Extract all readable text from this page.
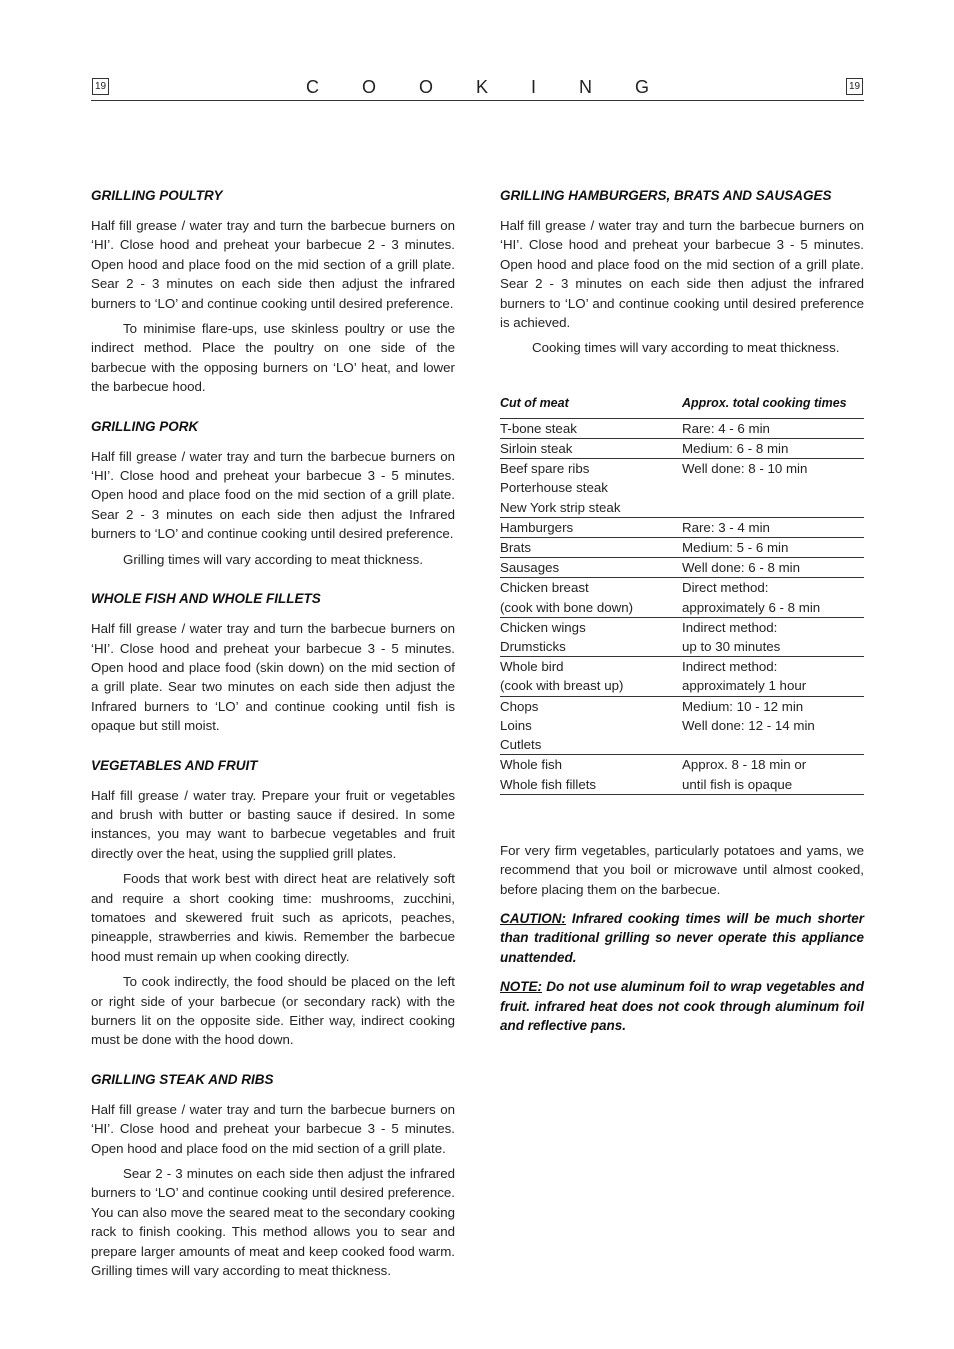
19	C O O K I N G	19
GRILLING POULTRY

Half fill grease / water tray and turn the barbecue burners on ‘HI’. Close hood and preheat your barbecue 2 - 3 minutes. Open hood and place food on the mid section of a grill plate. Sear 2 - 3 minutes on each side then adjust the infrared burners to ‘LO’ and continue cooking until desired preference.

To minimise flare-ups, use skinless poultry or use the indirect method. Place the poultry on one side of the barbecue with the opposing burners on ‘LO’ heat, and lower the barbecue hood.

GRILLING PORK

Half fill grease / water tray and turn the barbecue burners on ‘HI’. Close hood and preheat your barbecue 3 - 5 minutes. Open hood and place food on the mid section of a grill plate. Sear 2 - 3 minutes on each side then adjust the Infrared burners to ‘LO’ and continue cooking until desired preference.

Grilling times will vary according to meat thickness.

WHOLE FISH AND WHOLE FILLETS

Half fill grease / water tray and turn the barbecue burners on ‘HI’. Close hood and preheat your barbecue 3 - 5 minutes. Open hood and place food (skin down) on the mid section of a grill plate. Sear two minutes on each side then adjust the Infrared burners to ‘LO’ and continue cooking until fish is opaque but still moist.

VEGETABLES AND FRUIT

Half fill grease / water tray. Prepare your fruit or vegetables and brush with butter or basting sauce if desired. In some instances, you may want to barbecue vegetables and fruit directly over the heat, using the supplied grill plates.

Foods that work best with direct heat are relatively soft and require a short cooking time: mushrooms, zucchini, tomatoes and skewered fruit such as apricots, peaches, pineapple, strawberries and kiwis. Remember the barbecue hood must remain up when cooking directly.

To cook indirectly, the food should be placed on the left or right side of your barbecue (or secondary rack) with the burners lit on the opposite side. Either way, indirect cooking must be done with the hood down.

GRILLING STEAK AND RIBS

Half fill grease / water tray and turn the barbecue burners on ‘HI’. Close hood and preheat your barbecue 3 - 5 minutes. Open hood and place food on the mid section of a grill plate.

Sear 2 - 3 minutes on each side then adjust the infrared burners to ‘LO’ and continue cooking until desired preference. You can also move the seared meat to the secondary cooking rack to finish cooking. This method allows you to sear and prepare larger amounts of meat and keep cooked food warm. Grilling times will vary according to meat thickness.

GRILLING HAMBURGERS, BRATS AND SAUSAGES

Half fill grease / water tray and turn the barbecue burners on ‘HI’. Close hood and preheat your barbecue 3 - 5 minutes. Open hood and place food on the mid section of a grill plate. Sear 2 - 3 minutes on each side then adjust the infrared burners to ‘LO’ and continue cooking until desired preference is achieved.

Cooking times will vary according to meat thickness.

Cut of meat	Approx. total cooking times
T-bone steak	Rare: 4 - 6 min
Sirloin steak	Medium: 6 - 8 min
Beef spare ribs	Well done: 8 - 10 min
Porterhouse steak	
New York strip steak	
Hamburgers	Rare: 3 - 4 min
Brats	Medium: 5 - 6 min
Sausages	Well done: 6 - 8 min
Chicken breast	Direct method:
(cook with bone down)	approximately 6 - 8 min
Chicken wings	Indirect method:
Drumsticks	up to 30 minutes
Whole bird	Indirect method:
(cook with breast up)	approximately 1 hour
Chops	Medium: 10 - 12 min
Loins	Well done: 12 - 14 min
Cutlets	
Whole fish	Approx. 8 - 18 min or
Whole fish fillets	until fish is opaque

For very firm vegetables, particularly potatoes and yams, we recommend that you boil or microwave until almost cooked, before placing them on the barbecue.

CAUTION: Infrared cooking times will be much shorter than traditional grilling so never operate this appliance unattended.

NOTE: Do not use aluminum foil to wrap vegetables and fruit. infrared heat does not cook through aluminum foil and reflective pans.
